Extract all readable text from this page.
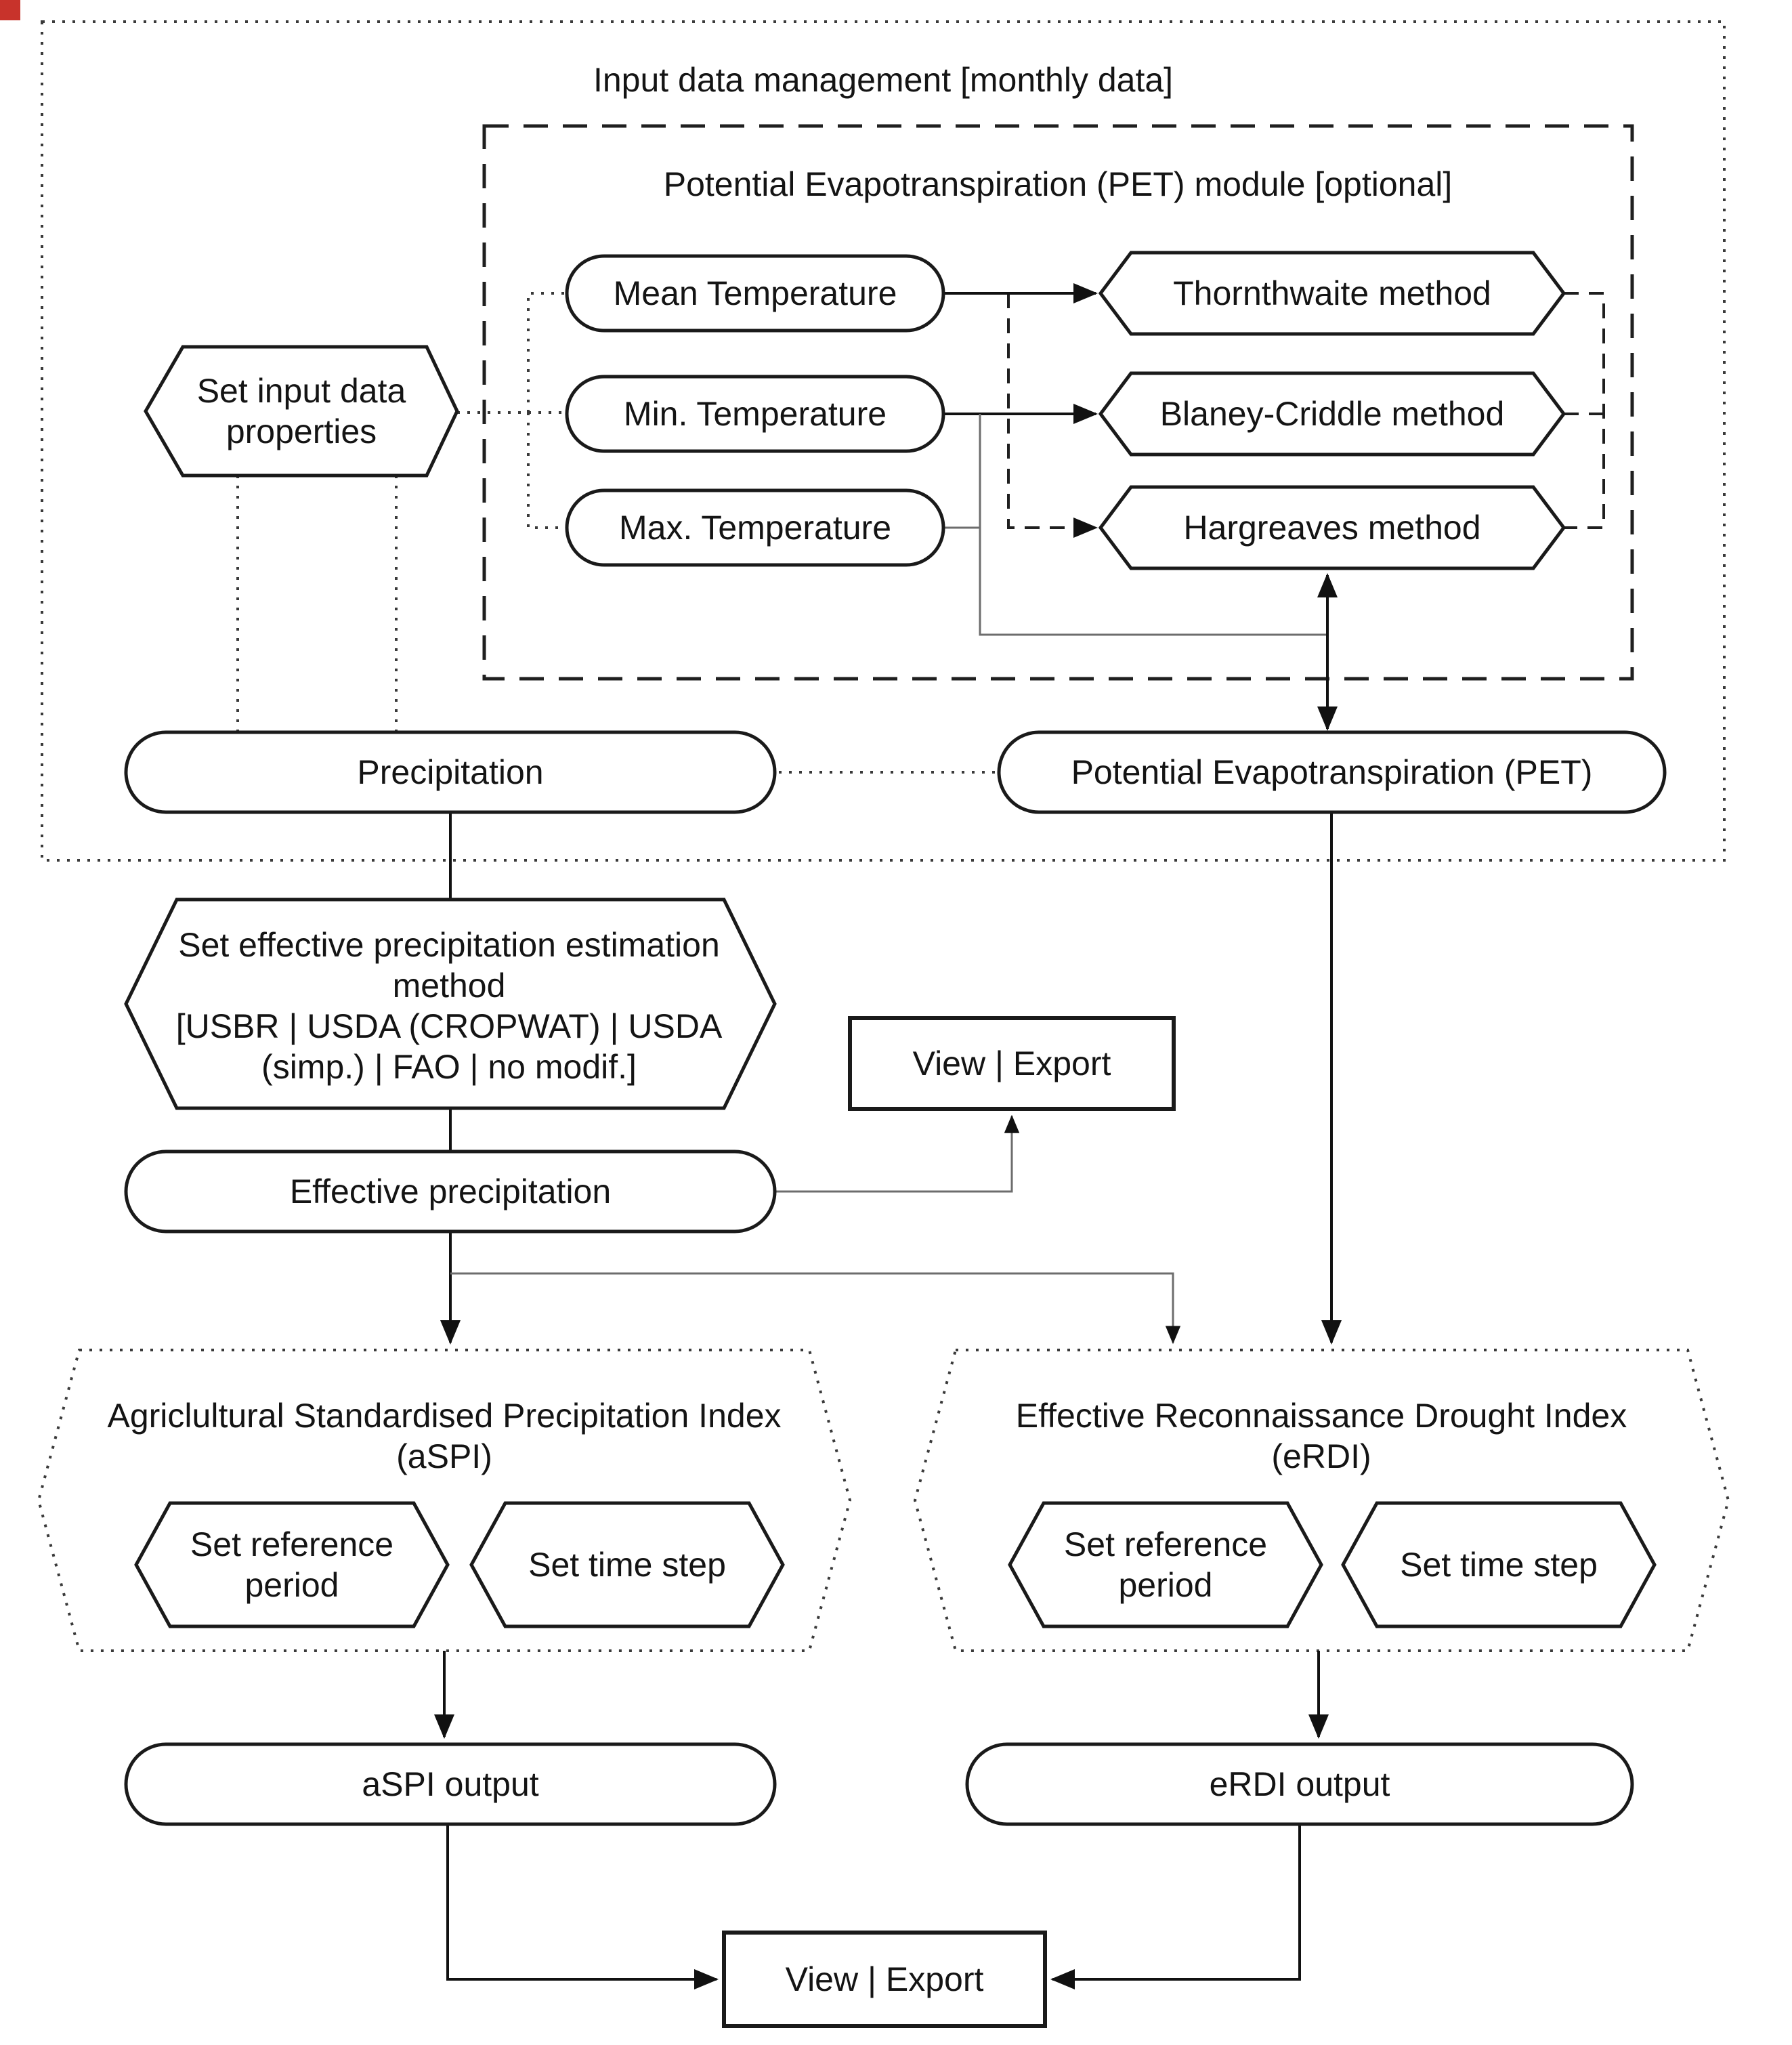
Input data management [monthly data]
Potential Evapotranspiration (PET) module [optional]
Mean Temperature
Min. Temperature
Max. Temperature
Thornthwaite method
Blaney-Criddle method
Hargreaves method
Set input data properties
Precipitation	Potential Evapotranspiration (PET)
Set effective precipitation estimation method
[USBR | USDA (CROPWAT) | USDA (simp.) | FAO | no modif.]	View | Export
Effective precipitation
Agriclultural Standardised Precipitation Index
(aSPI)
Set reference period
Set time step
Effective Reconnaissance Drought Index
(eRDI)
Set reference period
Set time step
aSPI output	eRDI output
View | Export
